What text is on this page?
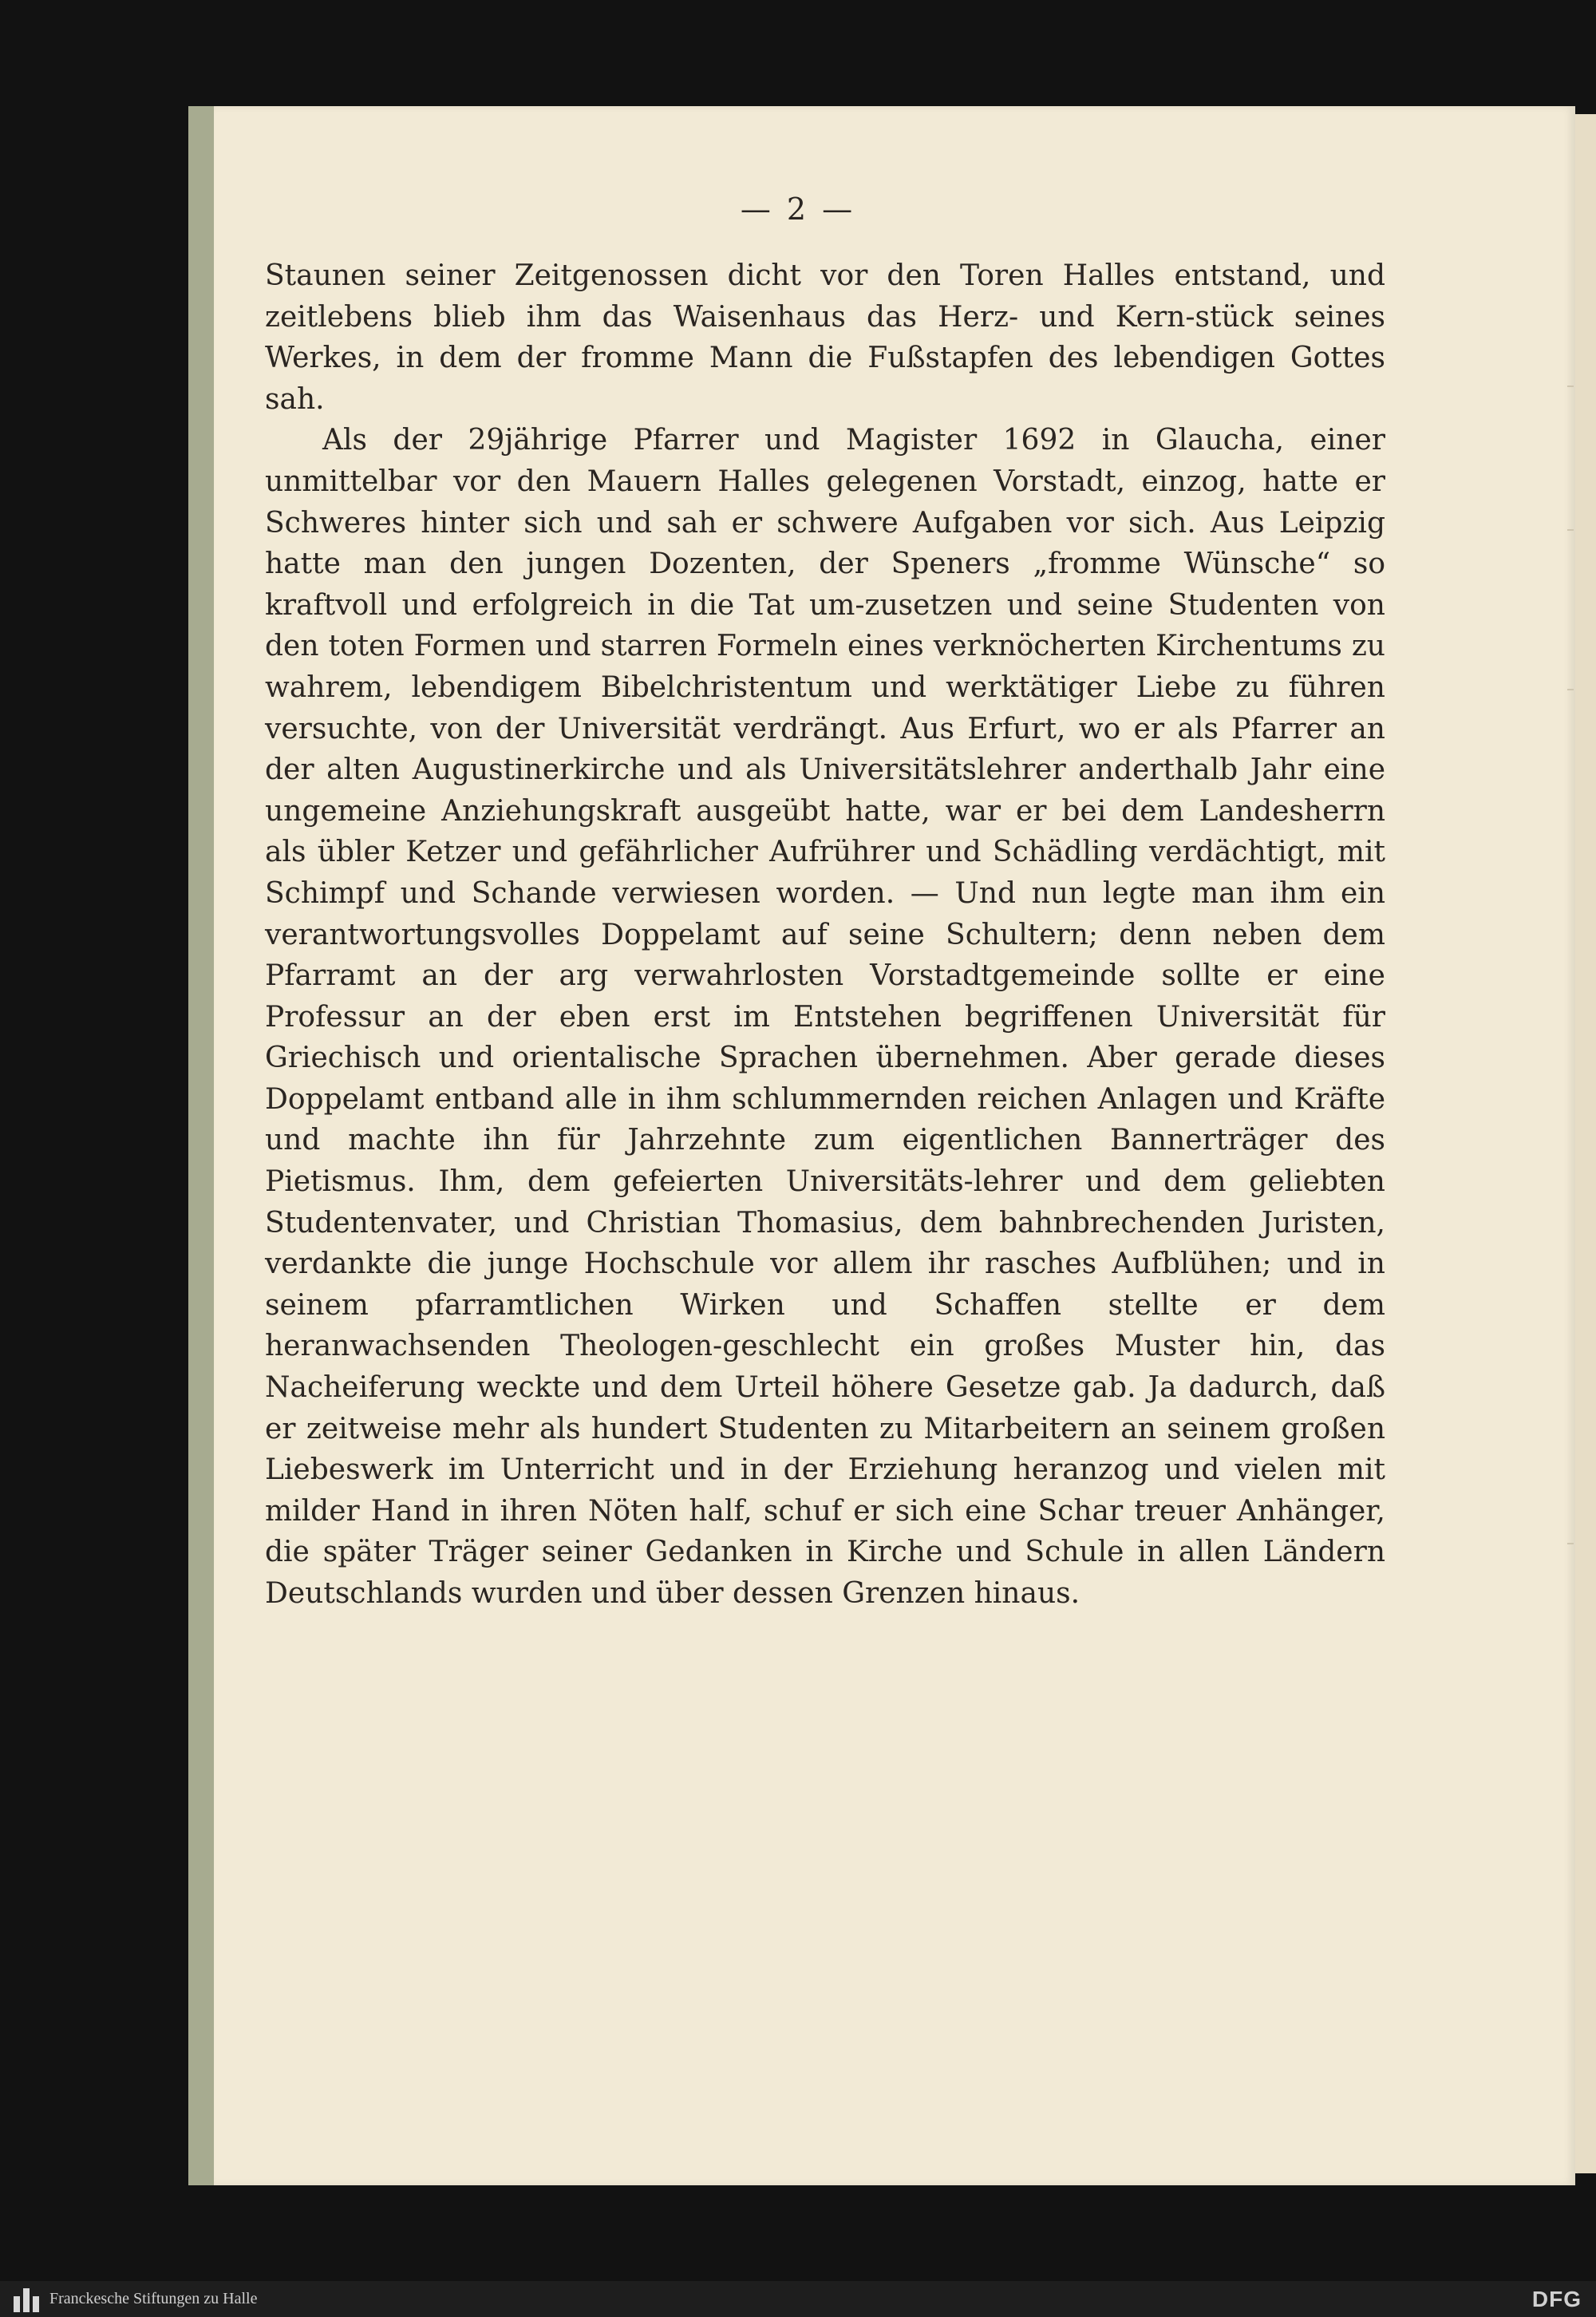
— 2 —

Staunen seiner Zeitgenossen dicht vor den Toren Halles entstand, und zeitlebens blieb ihm das Waisenhaus das Herz- und Kern-stück seines Werkes, in dem der fromme Mann die Fußstapfen des lebendigen Gottes sah.

Als der 29jährige Pfarrer und Magister 1692 in Glaucha, einer unmittelbar vor den Mauern Halles gelegenen Vorstadt, einzog, hatte er Schweres hinter sich und sah er schwere Aufgaben vor sich. Aus Leipzig hatte man den jungen Dozenten, der Speners „fromme Wünsche“ so kraftvoll und erfolgreich in die Tat um-zusetzen und seine Studenten von den toten Formen und starren Formeln eines verknöcherten Kirchentums zu wahrem, lebendigem Bibelchristentum und werktätiger Liebe zu führen versuchte, von der Universität verdrängt. Aus Erfurt, wo er als Pfarrer an der alten Augustinerkirche und als Universitätslehrer anderthalb Jahr eine ungemeine Anziehungskraft ausgeübt hatte, war er bei dem Landesherrn als übler Ketzer und gefährlicher Aufrührer und Schädling verdächtigt, mit Schimpf und Schande verwiesen worden. — Und nun legte man ihm ein verantwortungsvolles Doppelamt auf seine Schultern; denn neben dem Pfarramt an der arg verwahrlosten Vorstadtgemeinde sollte er eine Professur an der eben erst im Entstehen begriffenen Universität für Griechisch und orientalische Sprachen übernehmen. Aber gerade dieses Doppelamt entband alle in ihm schlummernden reichen Anlagen und Kräfte und machte ihn für Jahrzehnte zum eigentlichen Bannerträger des Pietismus. Ihm, dem gefeierten Universitäts-lehrer und dem geliebten Studentenvater, und Christian Thomasius, dem bahnbrechenden Juristen, verdankte die junge Hochschule vor allem ihr rasches Aufblühen; und in seinem pfarramtlichen Wirken und Schaffen stellte er dem heranwachsenden Theologen-geschlecht ein großes Muster hin, das Nacheiferung weckte und dem Urteil höhere Gesetze gab. Ja dadurch, daß er zeitweise mehr als hundert Studenten zu Mitarbeitern an seinem großen Liebeswerk im Unterricht und in der Erziehung heranzog und vielen mit milder Hand in ihren Nöten half, schuf er sich eine Schar treuer Anhänger, die später Träger seiner Gedanken in Kirche und Schule in allen Ländern Deutschlands wurden und über dessen Grenzen hinaus.

Franckesche Stiftungen zu Halle	DFG
